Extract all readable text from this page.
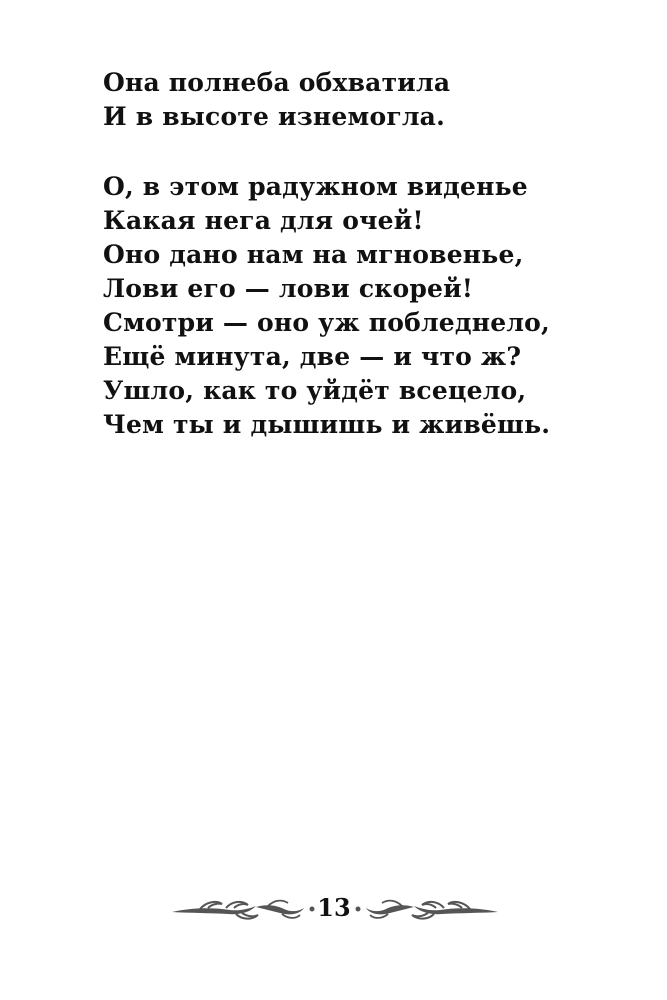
Она полнеба обхватила
И в высоте изнемогла.
О, в этом радужном виденье
Какая нега для очей!
Оно дано нам на мгновенье,
Лови его — лови скорей!
Смотри — оно уж побледнело,
Ещё минута, две — и что ж?
Ушло, как то уйдёт всецело,
Чем ты и дышишь и живёшь.
13
